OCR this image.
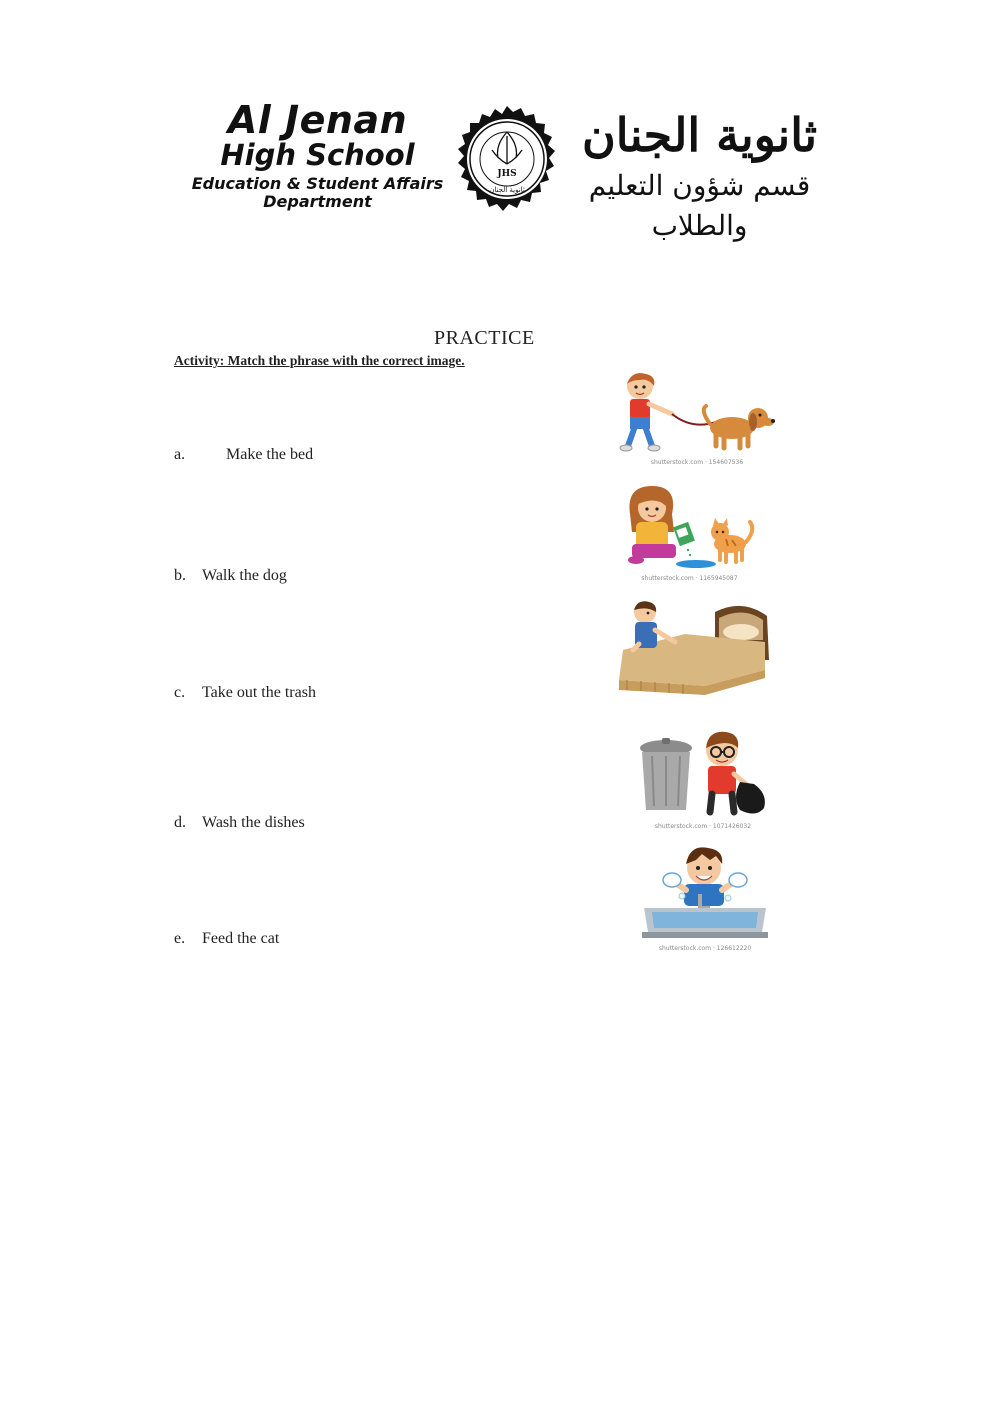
Al Jenan
High School
Education & Student Affairs
Department
JHS
ثانوية الجنان
ثانوية الجنان
قسم شؤون التعليم والطلاب
PRACTICE
Activity: Match the phrase with the correct image.
a.	Make the bed
b. Walk the dog
c. Take out the trash
d. Wash the dishes
e. Feed the cat
shutterstock.com · 154607536
shutterstock.com · 1165945087
shutterstock.com · 1071426032
shutterstock.com · 126612220
